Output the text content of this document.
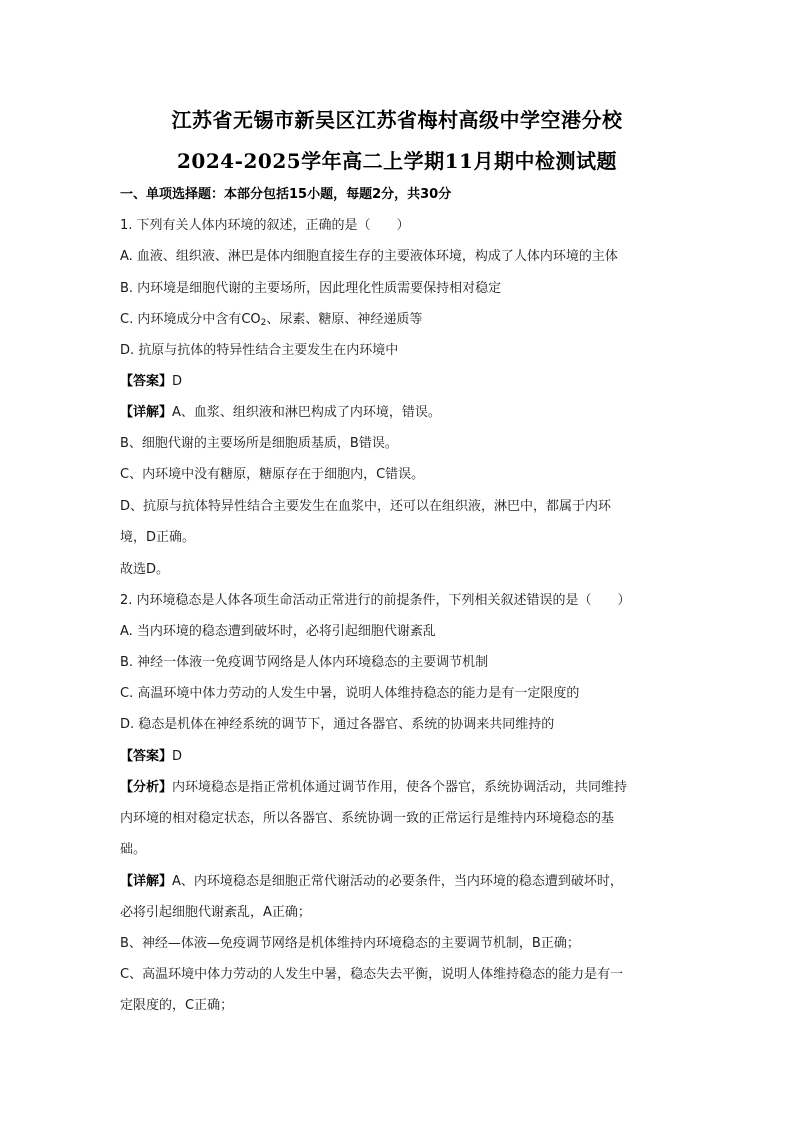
江苏省无锡市新吴区江苏省梅村高级中学空港分校
2024-2025学年高二上学期11月期中检测试题
一、单项选择题：本部分包括15小题，每题2分，共30分
1. 下列有关人体内环境的叙述，正确的是（　　）
A. 血液、组织液、淋巴是体内细胞直接生存的主要液体环境，构成了人体内环境的主体
B. 内环境是细胞代谢的主要场所，因此理化性质需要保持相对稳定
C. 内环境成分中含有$CO_2$、尿素、糖原、神经递质等
D. 抗原与抗体的特异性结合主要发生在内环境中
【答案】D
【详解】A、血浆、组织液和淋巴构成了内环境，错误。
B、细胞代谢的主要场所是细胞质基质，B错误。
C、内环境中没有糖原，糖原存在于细胞内，C错误。
D、抗原与抗体特异性结合主要发生在血浆中，还可以在组织液，淋巴中，都属于内环
境，D正确。
故选D。
2. 内环境稳态是人体各项生命活动正常进行的前提条件，下列相关叙述错误的是（　　）
A. 当内环境的稳态遭到破坏时，必将引起细胞代谢紊乱
B. 神经一体液一免疫调节网络是人体内环境稳态的主要调节机制
C. 高温环境中体力劳动的人发生中暑，说明人体维持稳态的能力是有一定限度的
D. 稳态是机体在神经系统的调节下，通过各器官、系统的协调来共同维持的
【答案】D
【分析】内环境稳态是指正常机体通过调节作用，使各个器官，系统协调活动，共同维持
内环境的相对稳定状态，所以各器官、系统协调一致的正常运行是维持内环境稳态的基
础。
【详解】A、内环境稳态是细胞正常代谢活动的必要条件，当内环境的稳态遭到破坏时，
必将引起细胞代谢紊乱，A正确；
B、神经—体液—免疫调节网络是机体维持内环境稳态的主要调节机制，B正确；
C、高温环境中体力劳动的人发生中暑，稳态失去平衡，说明人体维持稳态的能力是有一
定限度的，C正确；
